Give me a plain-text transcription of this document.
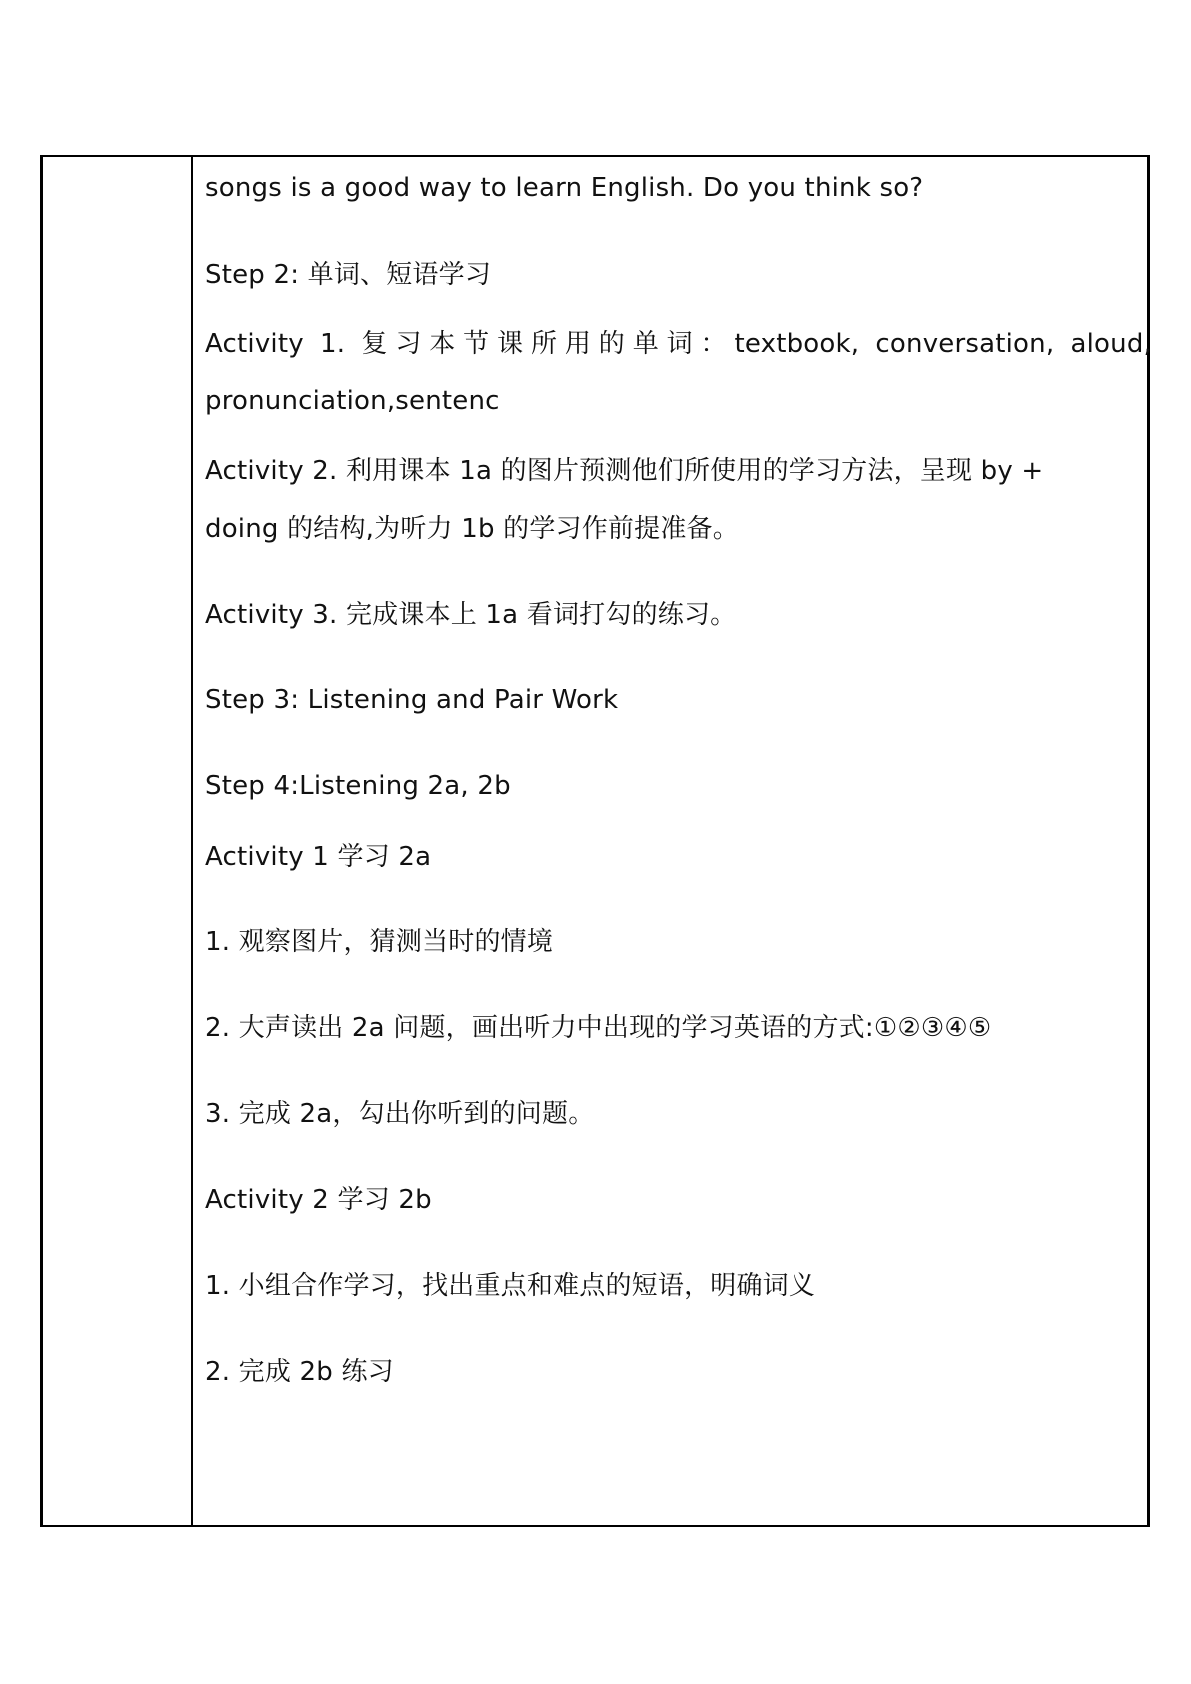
songs is a good way to learn English. Do you think so?
Step 2: 单词、短语学习
Activity 1. 复习本节课所用的单词：textbook, conversation, aloud,
pronunciation,sentenc
Activity 2. 利用课本 1a 的图片预测他们所使用的学习方法，呈现 by +
doing 的结构,为听力 1b 的学习作前提准备。
Activity 3. 完成课本上 1a 看词打勾的练习。
Step 3: Listening and Pair Work
Step 4:Listening 2a, 2b
Activity 1 学习 2a
1. 观察图片，猜测当时的情境
2. 大声读出 2a 问题，画出听力中出现的学习英语的方式:①②③④⑤
3. 完成 2a，勾出你听到的问题。
Activity 2 学习 2b
1. 小组合作学习，找出重点和难点的短语，明确词义
2. 完成 2b 练习
